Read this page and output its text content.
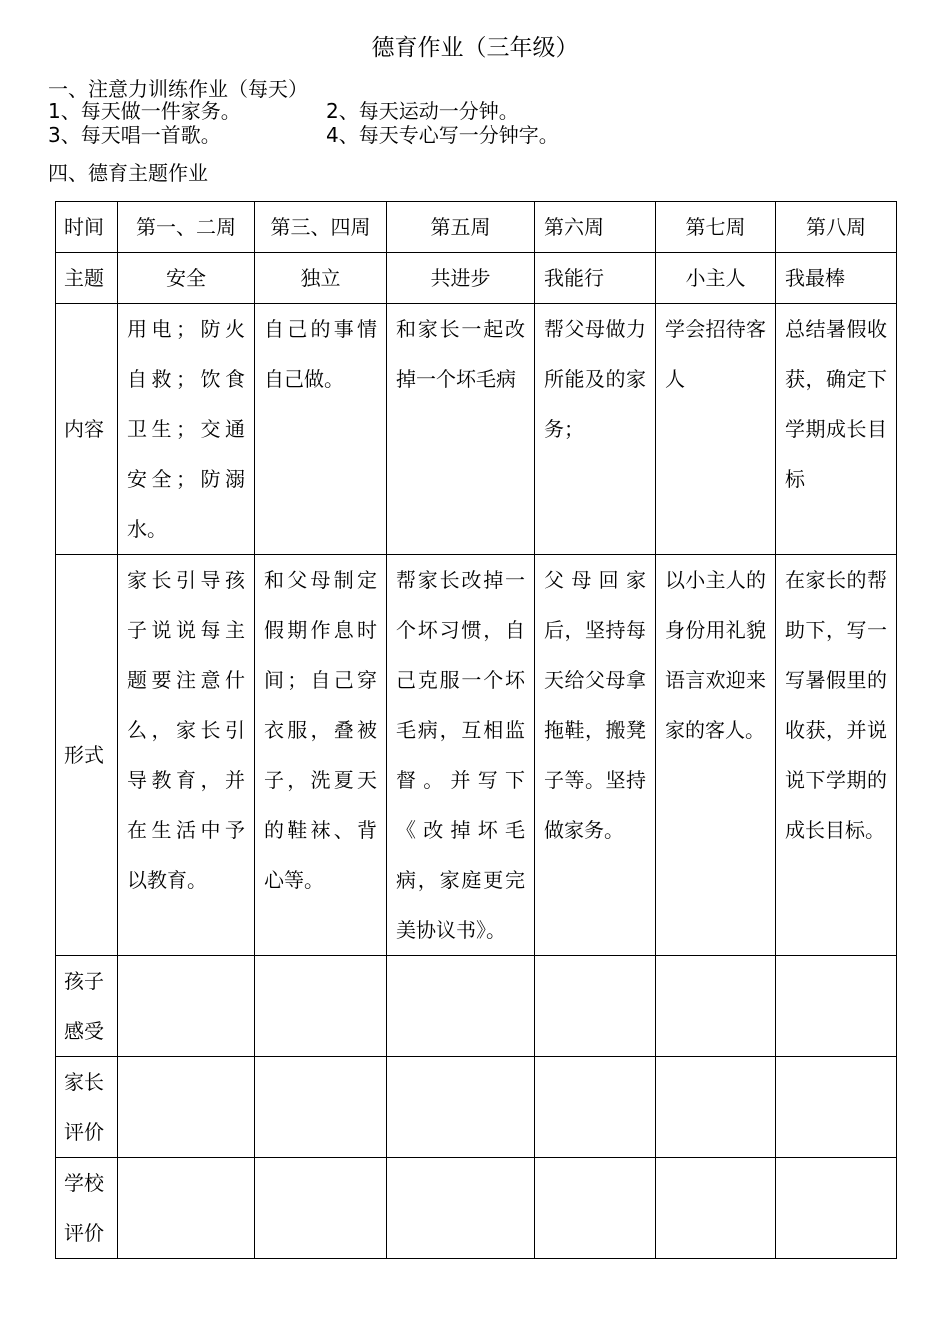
德育作业（三年级）
一、注意力训练作业（每天）
1、每天做一件家务。	2、每天运动一分钟。
3、每天唱一首歌。	4、每天专心写一分钟字。
四、德育主题作业
时间	第一、二周	第三、四周	第五周	第六周	第七周	第八周
主题	安全	独立	共进步	我能行	小主人	我最棒
内容	用电；防火自救；饮食卫生；交通安全；防溺水。	自己的事情自己做。	和家长一起改掉一个坏毛病	帮父母做力所能及的家务；	学会招待客人	总结暑假收获，确定下学期成长目标
形式	家长引导孩子说说每主题要注意什么，家长引导教育，并在生活中予以教育。	和父母制定假期作息时间；自己穿衣服，叠被子，洗夏天的鞋袜、背心等。	帮家长改掉一个坏习惯，自己克服一个坏毛病，互相监督。并写下《改掉坏毛病，家庭更完美协议书》。	父母回家后，坚持每天给父母拿拖鞋，搬凳子等。坚持做家务。	以小主人的身份用礼貌语言欢迎来家的客人。	在家长的帮助下，写一写暑假里的收获，并说说下学期的成长目标。
孩子感受						
家长评价						
学校评价						
